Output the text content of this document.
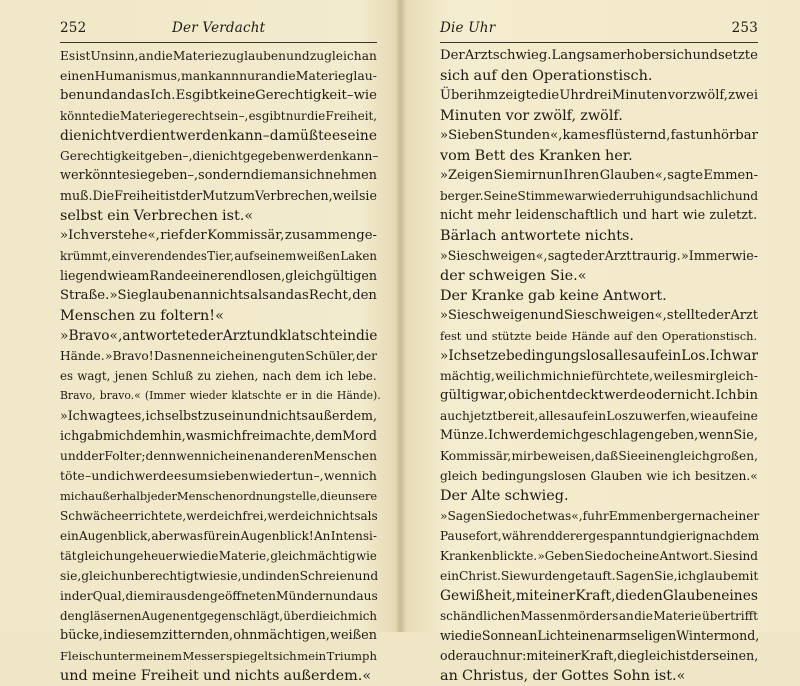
252	Der Verdacht
Es ist Unsinn, an die Materie zu glauben und zugleich an
einen Humanismus, man kann nur an die Materie glau-
ben und an das Ich. Es gibt keine Gerechtigkeit – wie
könnte die Materie gerecht sein –, es gibt nur die Freiheit,
die nicht verdient werden kann – da müßte es eine
Gerechtigkeit geben –, die nicht gegeben werden kann –
wer könnte sie geben –, sondern die man sich nehmen
muß. Die Freiheit ist der Mut zum Verbrechen, weil sie
selbst ein Verbrechen ist.«
»Ich verstehe«, rief der Kommissär, zusammenge-
krümmt, ein verendendes Tier, auf seinem weißen Laken
liegend wie am Rande einer endlosen, gleichgültigen
Straße. »Sie glauben an nichts als an das Recht, den
Menschen zu foltern!«
»Bravo«, antwortete der Arzt und klatschte in die
Hände. »Bravo! Das nenne ich einen guten Schüler, der
es wagt, jenen Schluß zu ziehen, nach dem ich lebe.
Bravo, bravo.« (Immer wieder klatschte er in die Hände).
»Ich wagte es, ich selbst zu sein und nichts außerdem,
ich gab mich dem hin, was mich frei machte, dem Mord
und der Folter; denn wenn ich einen anderen Menschen
töte – und ich werde es um sieben wieder tun –, wenn ich
mich außerhalb jeder Menschenordnung stelle, die unsere
Schwäche errichtete, werde ich frei, werde ich nichts als
ein Augenblick, aber was für ein Augenblick! An Intensi-
tät gleich ungeheuer wie die Materie, gleich mächtig wie
sie, gleich unberechtigt wie sie, und in den Schreien und
in der Qual, die mir aus den geöffneten Mündern und aus
den gläsernen Augen entgegenschlägt, über die ich mich
bücke, in diesem zitternden, ohnmächtigen, weißen
Fleisch unter meinem Messer spiegelt sich mein Triumph
und meine Freiheit und nichts außerdem.«
Die Uhr	253
Der Arzt schwieg. Langsam erhob er sich und setzte
sich auf den Operationstisch.
Über ihm zeigte die Uhr drei Minuten vor zwölf, zwei
Minuten vor zwölf, zwölf.
»Sieben Stunden«, kam es flüsternd, fast unhörbar
vom Bett des Kranken her.
»Zeigen Sie mir nun Ihren Glauben«, sagte Emmen-
berger. Seine Stimme war wieder ruhig und sachlich und
nicht mehr leidenschaftlich und hart wie zuletzt.
Bärlach antwortete nichts.
»Sie schweigen«, sagte der Arzt traurig. »Immer wie-
der schweigen Sie.«
Der Kranke gab keine Antwort.
»Sie schweigen und Sie schweigen«, stellte der Arzt
fest und stützte beide Hände auf den Operationstisch.
»Ich setze bedingungslos alles auf ein Los. Ich war
mächtig, weil ich mich nie fürchtete, weil es mir gleich-
gültig war, ob ich entdeckt werde oder nicht. Ich bin
auch jetzt bereit, alles auf ein Los zu werfen, wie auf eine
Münze. Ich werde mich geschlagen geben, wenn Sie,
Kommissär, mir beweisen, daß Sie einen gleich großen,
gleich bedingungslosen Glauben wie ich besitzen.«
Der Alte schwieg.
»Sagen Sie doch etwas«, fuhr Emmenberger nach einer
Pause fort, während der er gespannt und gierig nach dem
Kranken blickte. »Geben Sie doch eine Antwort. Sie sind
ein Christ. Sie wurden getauft. Sagen Sie, ich glaube mit
Gewißheit, mit einer Kraft, die den Glauben eines
schändlichen Massenmörders an die Materie übertrifft
wie die Sonne an Licht einen armseligen Wintermond,
oder auch nur: mit einer Kraft, die gleich ist der seinen,
an Christus, der Gottes Sohn ist.«
